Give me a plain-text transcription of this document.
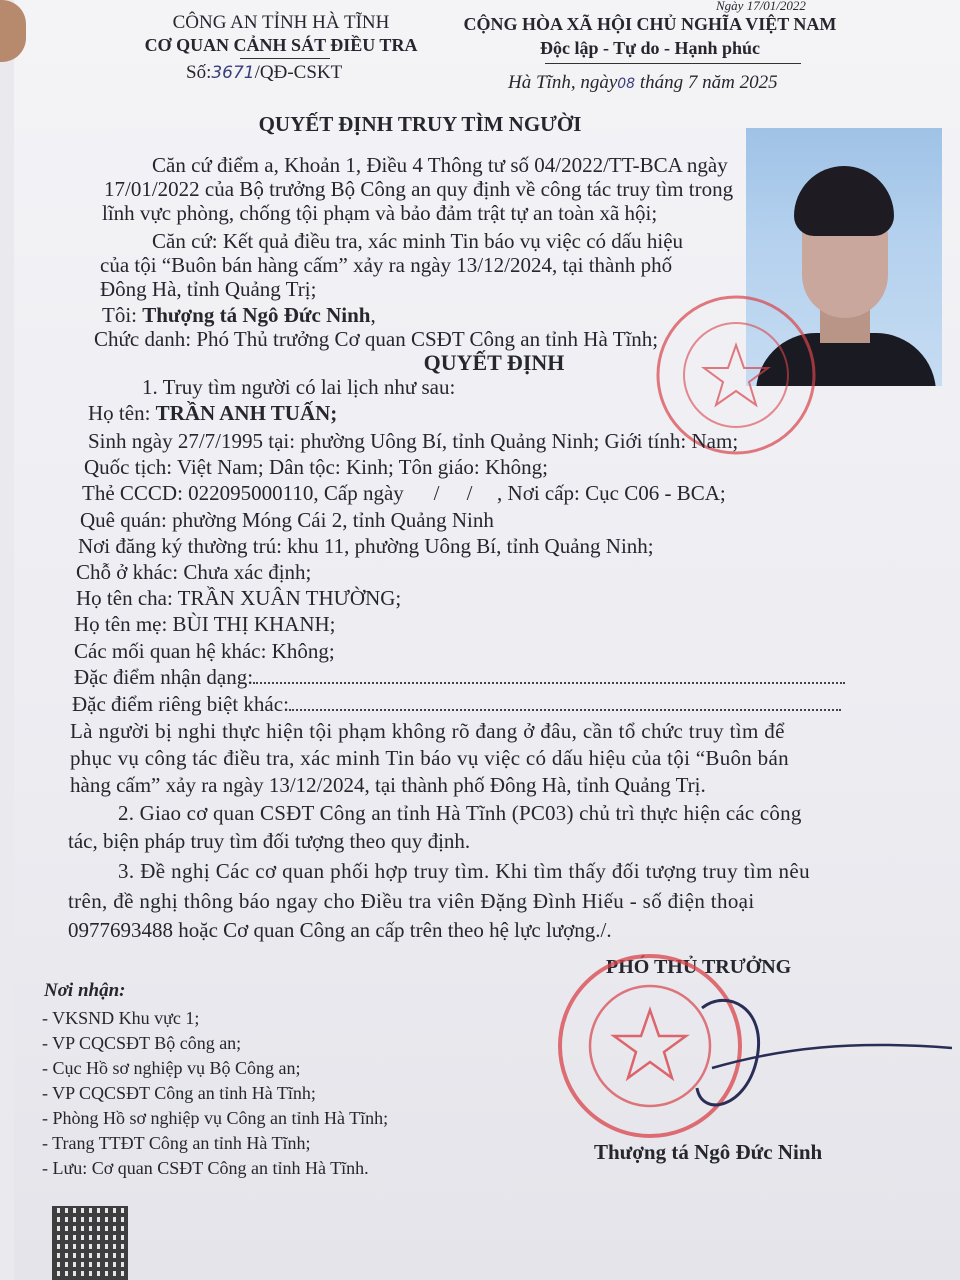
Ngày 17/01/2022
CÔNG AN TỈNH HÀ TĨNH
CƠ QUAN CẢNH SÁT ĐIỀU TRA
Số:3671/QĐ-CSKT
CỘNG HÒA XÃ HỘI CHỦ NGHĨA VIỆT NAM
Độc lập - Tự do - Hạnh phúc
Hà Tĩnh, ngày08 tháng 7 năm 2025
QUYẾT ĐỊNH TRUY TÌM NGƯỜI
Căn cứ điểm a, Khoản 1, Điều 4 Thông tư số 04/2022/TT-BCA ngày
17/01/2022 của Bộ trưởng Bộ Công an quy định về công tác truy tìm trong
lĩnh vực phòng, chống tội phạm và bảo đảm trật tự an toàn xã hội;
Căn cứ: Kết quả điều tra, xác minh Tin báo vụ việc có dấu hiệu
của tội “Buôn bán hàng cấm” xảy ra ngày 13/12/2024, tại thành phố
Đông Hà, tỉnh Quảng Trị;
Tôi: Thượng tá Ngô Đức Ninh,
Chức danh: Phó Thủ trưởng Cơ quan CSĐT Công an tỉnh Hà Tĩnh;
QUYẾT ĐỊNH
1. Truy tìm người có lai lịch như sau:
Họ tên: TRẦN ANH TUẤN;
Sinh ngày 27/7/1995 tại: phường Uông Bí, tỉnh Quảng Ninh; Giới tính: Nam;
Quốc tịch: Việt Nam; Dân tộc: Kinh; Tôn giáo: Không;
Thẻ CCCD: 022095000110, Cấp ngày / / , Nơi cấp: Cục C06 - BCA;
Quê quán: phường Móng Cái 2, tỉnh Quảng Ninh
Nơi đăng ký thường trú: khu 11, phường Uông Bí, tỉnh Quảng Ninh;
Chỗ ở khác: Chưa xác định;
Họ tên cha: TRẦN XUÂN THƯỜNG;
Họ tên mẹ: BÙI THỊ KHANH;
Các mối quan hệ khác: Không;
Đặc điểm nhận dạng:
Đặc điểm riêng biệt khác:
Là người bị nghi thực hiện tội phạm không rõ đang ở đâu, cần tổ chức truy tìm để
phục vụ công tác điều tra, xác minh Tin báo vụ việc có dấu hiệu của tội “Buôn bán
hàng cấm” xảy ra ngày 13/12/2024, tại thành phố Đông Hà, tỉnh Quảng Trị.
2. Giao cơ quan CSĐT Công an tỉnh Hà Tĩnh (PC03) chủ trì thực hiện các công
tác, biện pháp truy tìm đối tượng theo quy định.
3. Đề nghị Các cơ quan phối hợp truy tìm. Khi tìm thấy đối tượng truy tìm nêu
trên, đề nghị thông báo ngay cho Điều tra viên Đặng Đình Hiếu - số điện thoại
0977693488 hoặc Cơ quan Công an cấp trên theo hệ lực lượng./.
Nơi nhận:
- VKSND Khu vực 1;
- VP CQCSĐT Bộ công an;
- Cục Hồ sơ nghiệp vụ Bộ Công an;
- VP CQCSĐT Công an tỉnh Hà Tĩnh;
- Phòng Hồ sơ nghiệp vụ Công an tỉnh Hà Tĩnh;
- Trang TTĐT Công an tỉnh Hà Tĩnh;
- Lưu: Cơ quan CSĐT Công an tỉnh Hà Tĩnh.
PHÓ THỦ TRƯỞNG
Thượng tá Ngô Đức Ninh
